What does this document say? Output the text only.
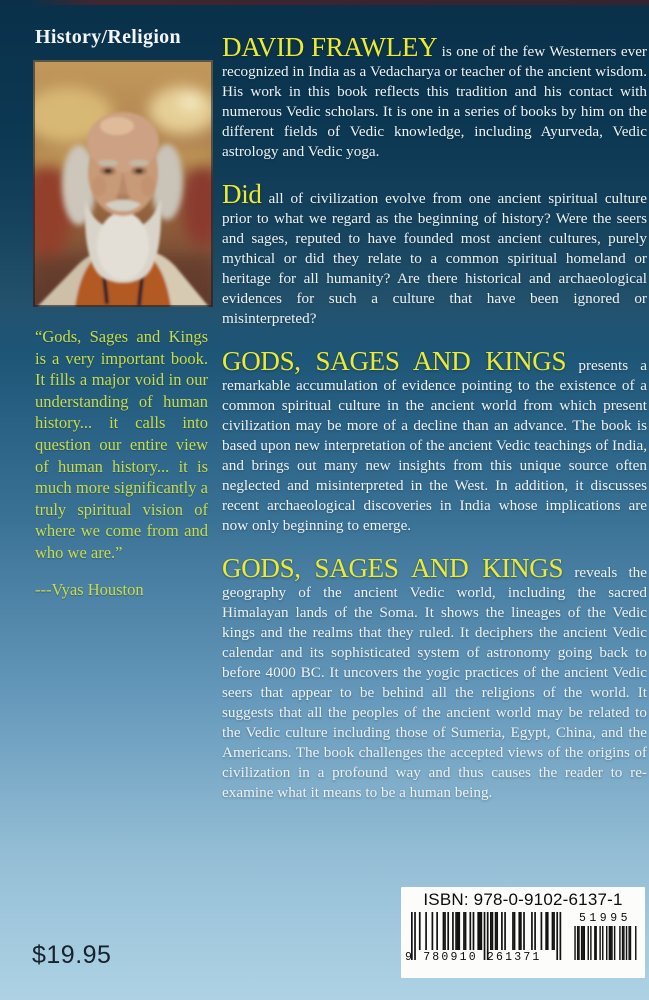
History/Religion
“Gods, Sages and Kings is a very important book. It fills a major void in our understanding of human history... it calls into question our entire view of human history... it is much more significantly a truly spiritual vision of where we come from and who we are.”
---Vyas Houston

DAVID FRAWLEY is one of the few Westerners ever recognized in India as a Vedacharya or teacher of the ancient wisdom. His work in this book reflects this tradition and his contact with numerous Vedic scholars. It is one in a series of books by him on the different fields of Vedic knowledge, including Ayurveda, Vedic astrology and Vedic yoga.

Did all of civilization evolve from one ancient spiritual culture prior to what we regard as the beginning of history? Were the seers and sages, reputed to have founded most ancient cultures, purely mythical or did they relate to a common spiritual homeland or heritage for all humanity? Are there historical and archaeological evidences for such a culture that have been ignored or misinterpreted?

GODS, SAGES AND KINGS presents a remarkable accumulation of evidence pointing to the existence of a common spiritual culture in the ancient world from which present civilization may be more of a decline than an advance. The book is based upon new interpretation of the ancient Vedic teachings of India, and brings out many new insights from this unique source often neglected and misinterpreted in the West. In addition, it discusses recent archaeological discoveries in India whose implications are now only beginning to emerge.

GODS, SAGES AND KINGS reveals the geography of the ancient Vedic world, including the sacred Himalayan lands of the Soma. It shows the lineages of the Vedic kings and the realms that they ruled. It deciphers the ancient Vedic calendar and its sophisticated system of astronomy going back to before 4000 BC. It uncovers the yogic practices of the ancient Vedic seers that appear to be behind all the religions of the world. It suggests that all the peoples of the ancient world may be related to the Vedic culture including those of Sumeria, Egypt, China, and the Americans. The book challenges the accepted views of the origins of civilization in a profound way and thus causes the reader to re-examine what it means to be a human being.

ISBN: 978-0-9102-6137-1
9 780910 261371
51995
$19.95
